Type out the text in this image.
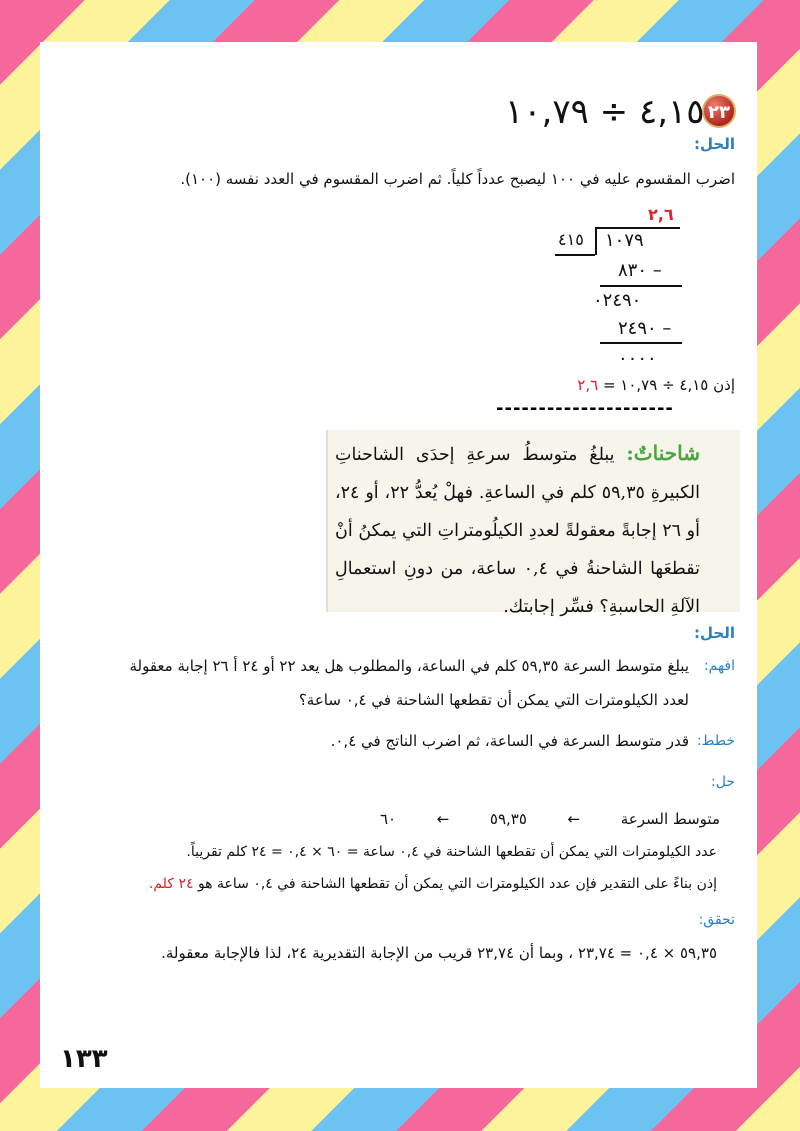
٢٣
٤,١٥ ÷ ١٠,٧٩
الحل:
اضرب المقسوم عليه في ١٠٠ ليصبح عدداً كلياً. ثم اضرب المقسوم في العدد نفسه (١٠٠).
٢,٦
٤١٥ ١٠٧٩
٨٣٠ –
٠٢٤٩٠
٢٤٩٠ –
٠٠٠٠
إذن ٤,١٥ ÷ ١٠,٧٩ = ٢,٦
---------------------
شاحناتٌ: يبلغُ متوسطُ سرعةِ إحدَى الشاحناتِ الكبيرةِ ٥٩,٣٥ كلم في الساعةِ. فهلْ يُعدُّ ٢٢، أو ٢٤، أو ٢٦ إجابةً معقولةً لعددِ الكيلُومتراتِ التي يمكنُ أنْ تقطعَها الشاحنةُ في ٠,٤ ساعة، من دونِ استعمالِ الآلةِ الحاسبةِ؟ فسِّر إجابتك.
الحل:
افهم:
يبلغ متوسط السرعة ٥٩,٣٥ كلم في الساعة، والمطلوب هل يعد ٢٢ أو ٢٤ أ ٢٦ إجابة معقولة
لعدد الكيلومترات التي يمكن أن تقطعها الشاحنة في ٠,٤ ساعة؟
خطط:
قدر متوسط السرعة في الساعة، ثم اضرب الناتج في ٠,٤.
حل:
متوسط السرعة
←
٥٩,٣٥
←
٦٠
عدد الكيلومترات التي يمكن أن تقطعها الشاحنة في ٠,٤ ساعة = ٦٠ × ٠,٤ = ٢٤ كلم تقريباً.
إذن بناءً على التقدير فإن عدد الكيلومترات التي يمكن أن تقطعها الشاحنة في ٠,٤ ساعة هو ٢٤ كلم.
تحقق:
٥٩,٣٥ × ٠,٤ = ٢٣,٧٤ ، وبما أن ٢٣,٧٤ قريب من الإجابة التقديرية ٢٤، لذا فالإجابة معقولة.
١٣٣
